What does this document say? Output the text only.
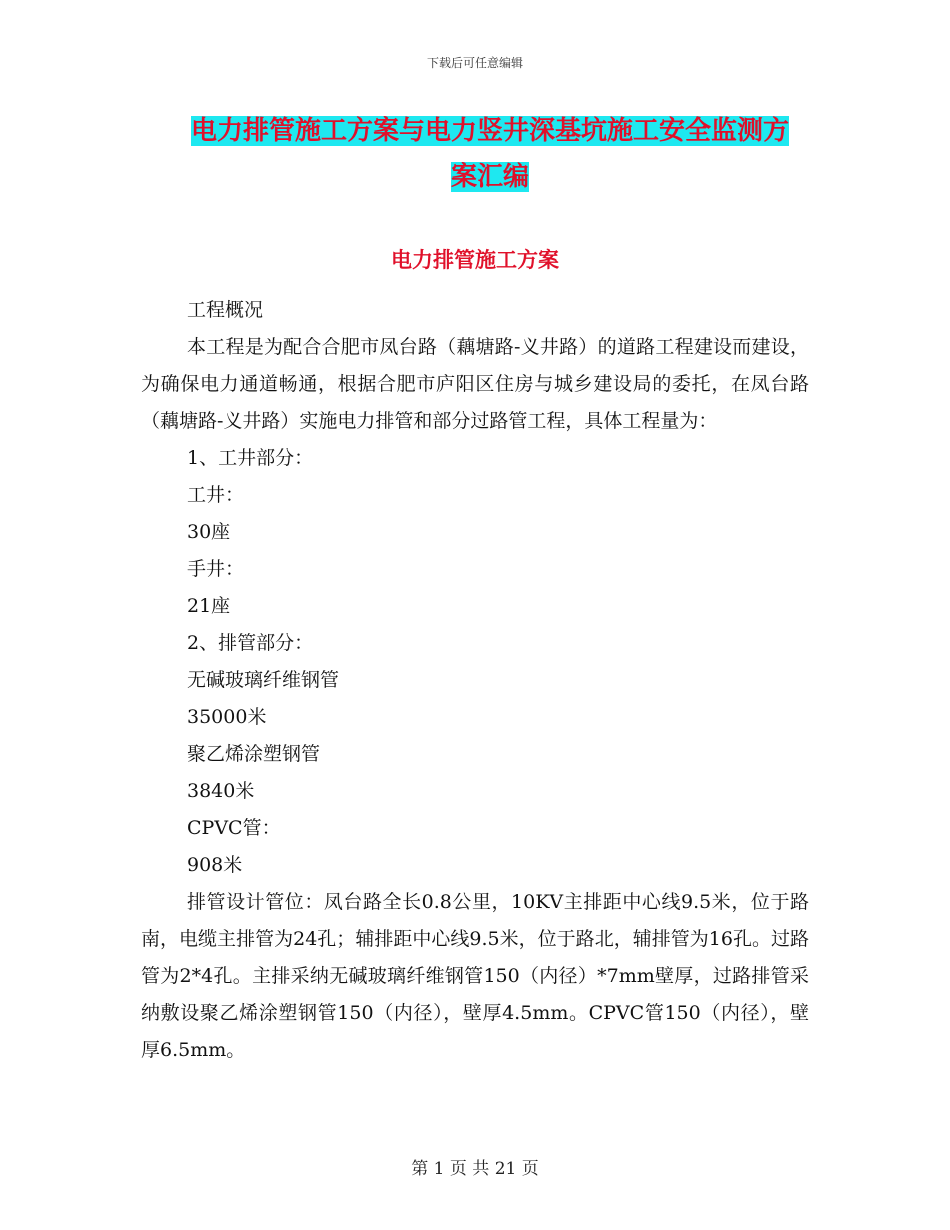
下载后可任意编辑
电力排管施工方案与电力竖井深基坑施工安全监测方
案汇编
电力排管施工方案

工程概况

本工程是为配合合肥市凤台路（藕塘路-义井路）的道路工程建设而建设，为确保电力通道畅通，根据合肥市庐阳区住房与城乡建设局的委托，在凤台路（藕塘路-义井路）实施电力排管和部分过路管工程，具体工程量为：

1、工井部分：

工井：

30座

手井：

21座

2、排管部分：

无碱玻璃纤维钢管

35000米

聚乙烯涂塑钢管

3840米

CPVC管：

908米

排管设计管位：凤台路全长0.8公里，10KV主排距中心线9.5米，位于路南，电缆主排管为24孔；辅排距中心线9.5米，位于路北，辅排管为16孔。过路管为2*4孔。主排采纳无碱玻璃纤维钢管150（内径）*7mm壁厚，过路排管采纳敷设聚乙烯涂塑钢管150（内径），壁厚4.5mm。CPVC管150（内径），壁厚6.5mm。

第 1 页 共 21 页
